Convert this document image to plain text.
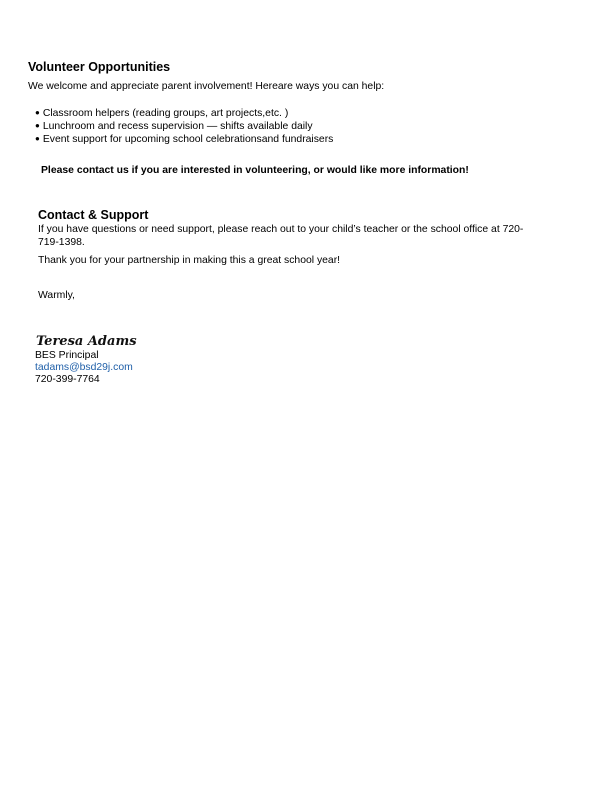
Volunteer Opportunities

We welcome and appreciate parent involvement! Hereare ways you can help:

● Classroom helpers (reading groups, art projects,etc. )
● Lunchroom and recess supervision — shifts available daily
● Event support for upcoming school celebrationsand fundraisers

Please contact us if you are interested in volunteering, or would like more information!

Contact & Support

If you have questions or need support, please reach out to your child’s teacher or the school office at 720-719-1398.

Thank you for your partnership in making this a great school year!

Warmly,

Teresa Adams

BES Principal

tadams@bsd29j.com

720-399-7764
